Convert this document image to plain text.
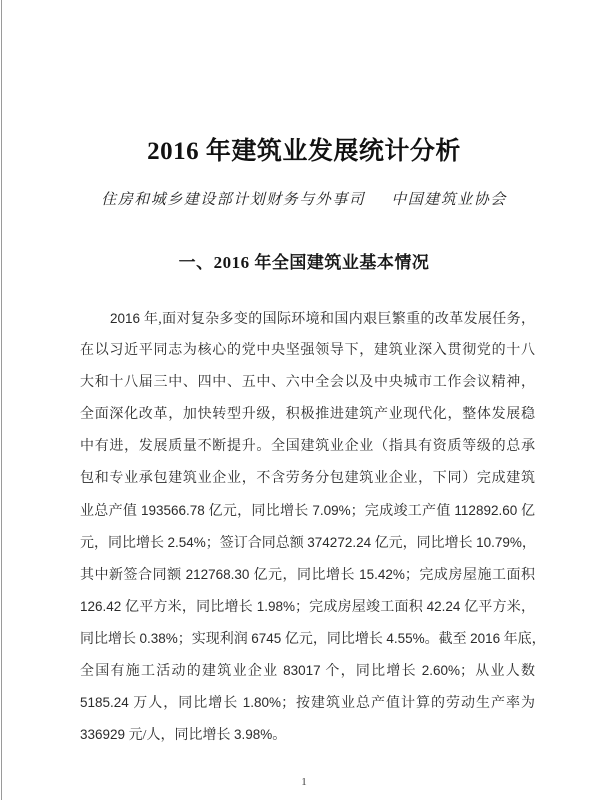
2016 年建筑业发展统计分析
住房和城乡建设部计划财务与外事司 中国建筑业协会
一、2016 年全国建筑业基本情况
2016 年,面对复杂多变的国际环境和国内艰巨繁重的改革发展任务，
在以习近平同志为核心的党中央坚强领导下，建筑业深入贯彻党的十八
大和十八届三中、四中、五中、六中全会以及中央城市工作会议精神，
全面深化改革，加快转型升级，积极推进建筑产业现代化，整体发展稳
中有进，发展质量不断提升。全国建筑业企业（指具有资质等级的总承
包和专业承包建筑业企业，不含劳务分包建筑业企业，下同）完成建筑
业总产值 193566.78 亿元，同比增长 7.09%；完成竣工产值 112892.60 亿
元，同比增长 2.54%；签订合同总额 374272.24 亿元，同比增长 10.79%，
其中新签合同额 212768.30 亿元，同比增长 15.42%；完成房屋施工面积
126.42 亿平方米，同比增长 1.98%；完成房屋竣工面积 42.24 亿平方米，
同比增长 0.38%；实现利润 6745 亿元，同比增长 4.55%。截至 2016 年底，
全国有施工活动的建筑业企业 83017 个，同比增长 2.60%；从业人数
5185.24 万人，同比增长 1.80%；按建筑业总产值计算的劳动生产率为
336929 元/人，同比增长 3.98%。
1
